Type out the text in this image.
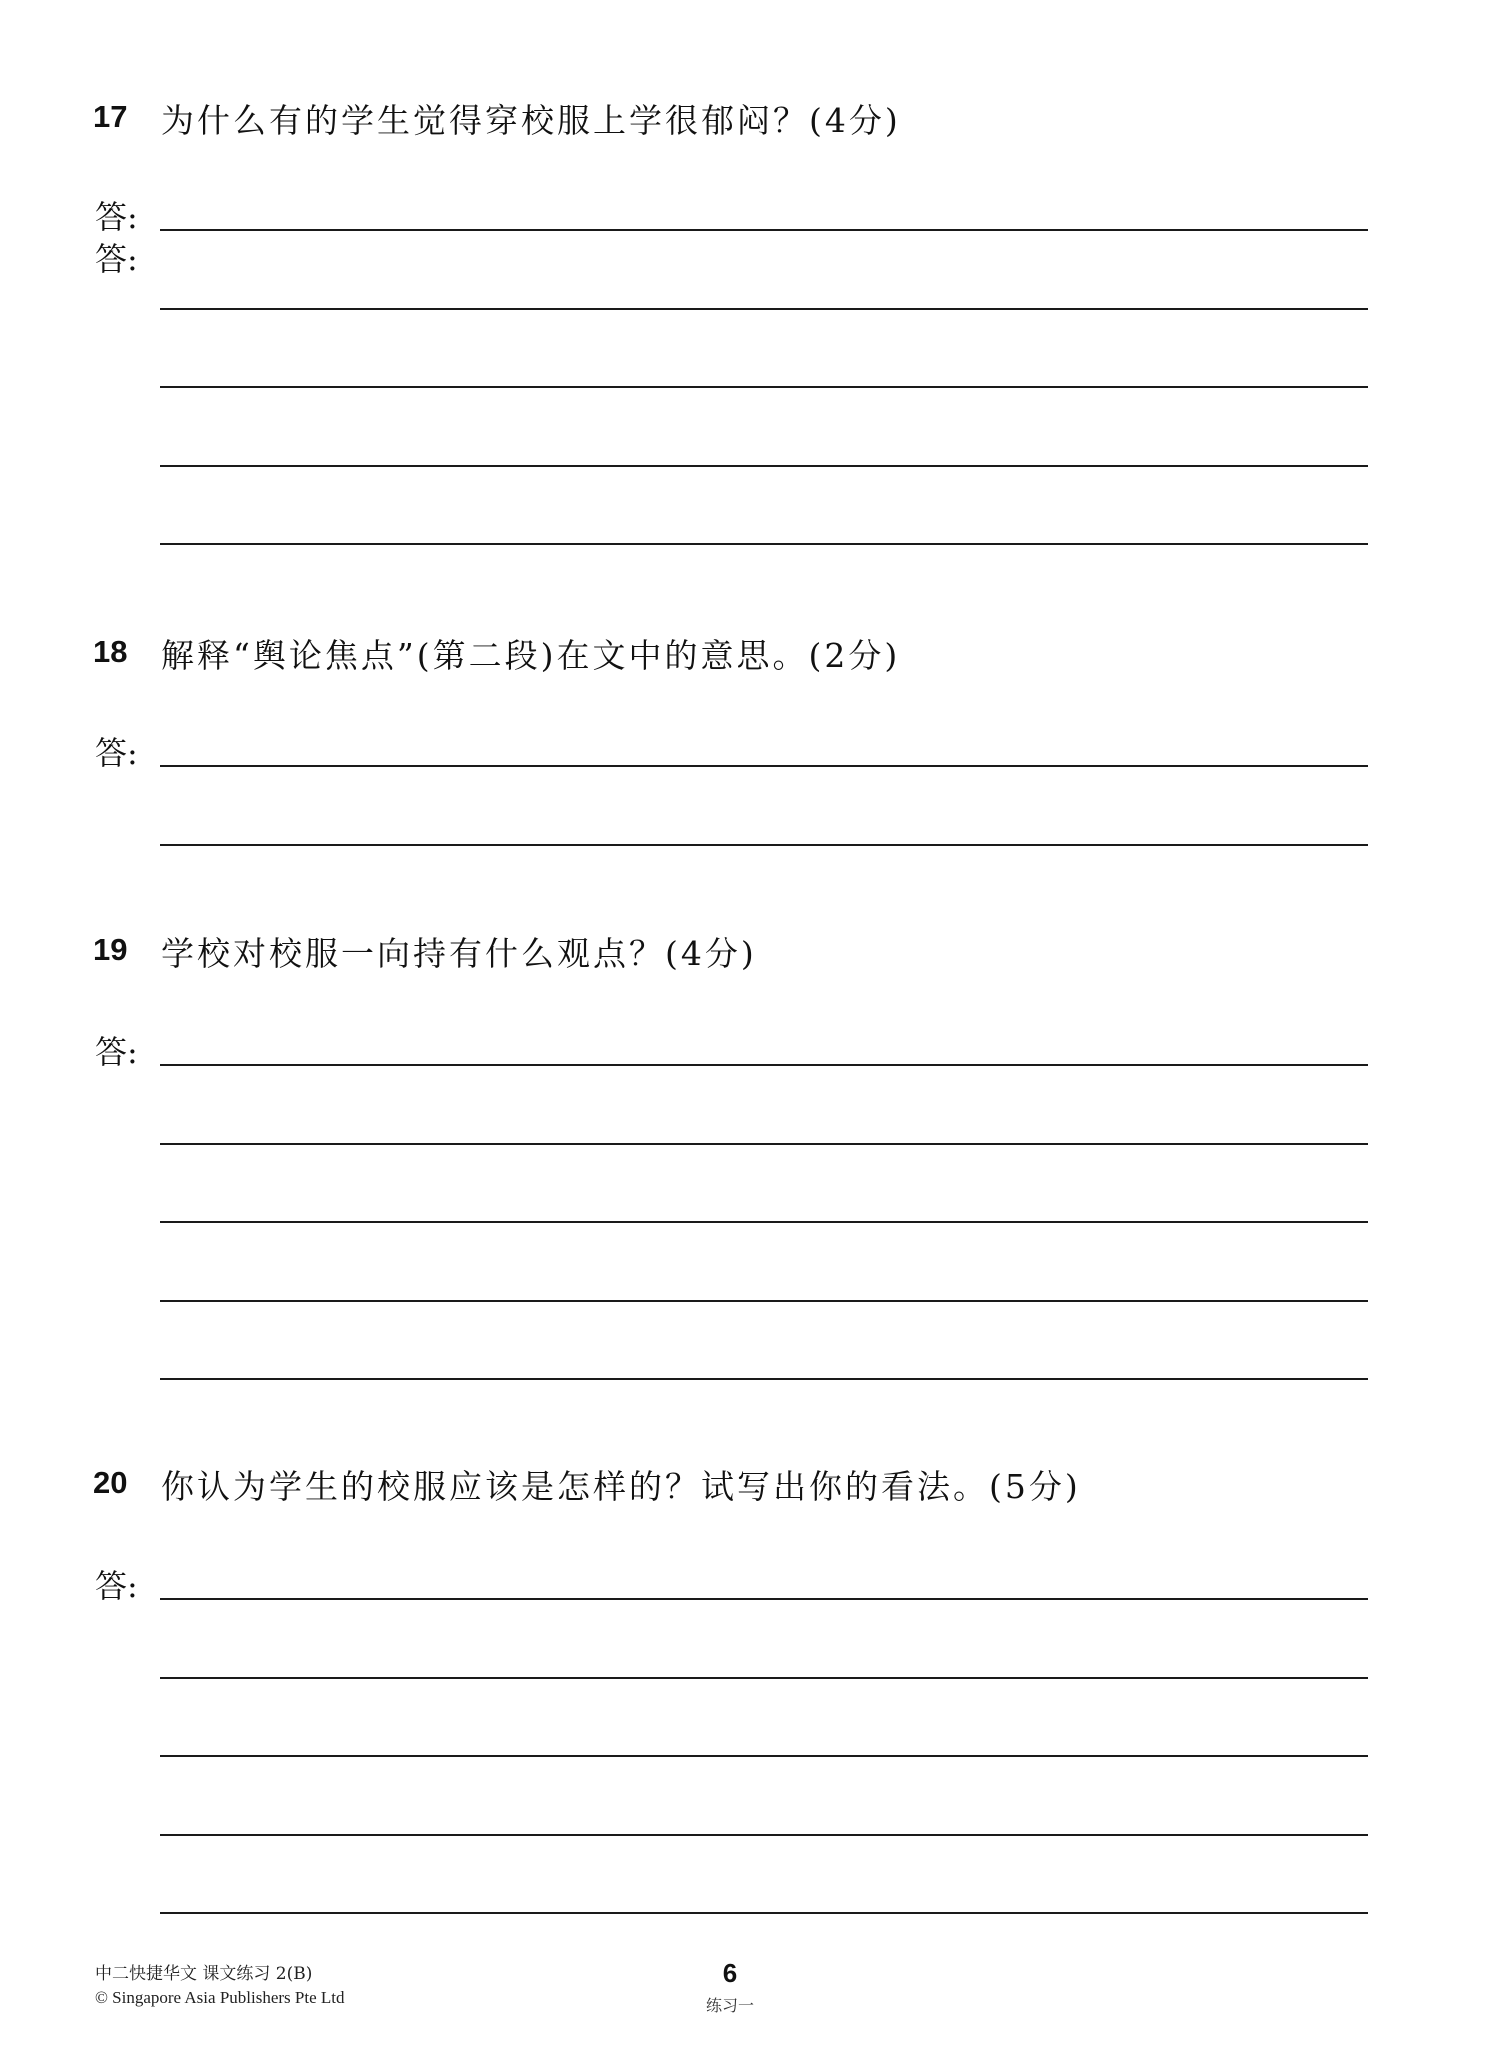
17 为什么有的学生觉得穿校服上学很郁闷？(4分)
答:
18 解释“舆论焦点”(第二段)在文中的意思。(2分)
19 学校对校服一向持有什么观点？(4分)
20 你认为学生的校服应该是怎样的？试写出你的看法。(5分)
答:
答:
答:
答:
中二快捷华文 课文练习 2(B)
© Singapore Asia Publishers Pte Ltd
6
练习一
